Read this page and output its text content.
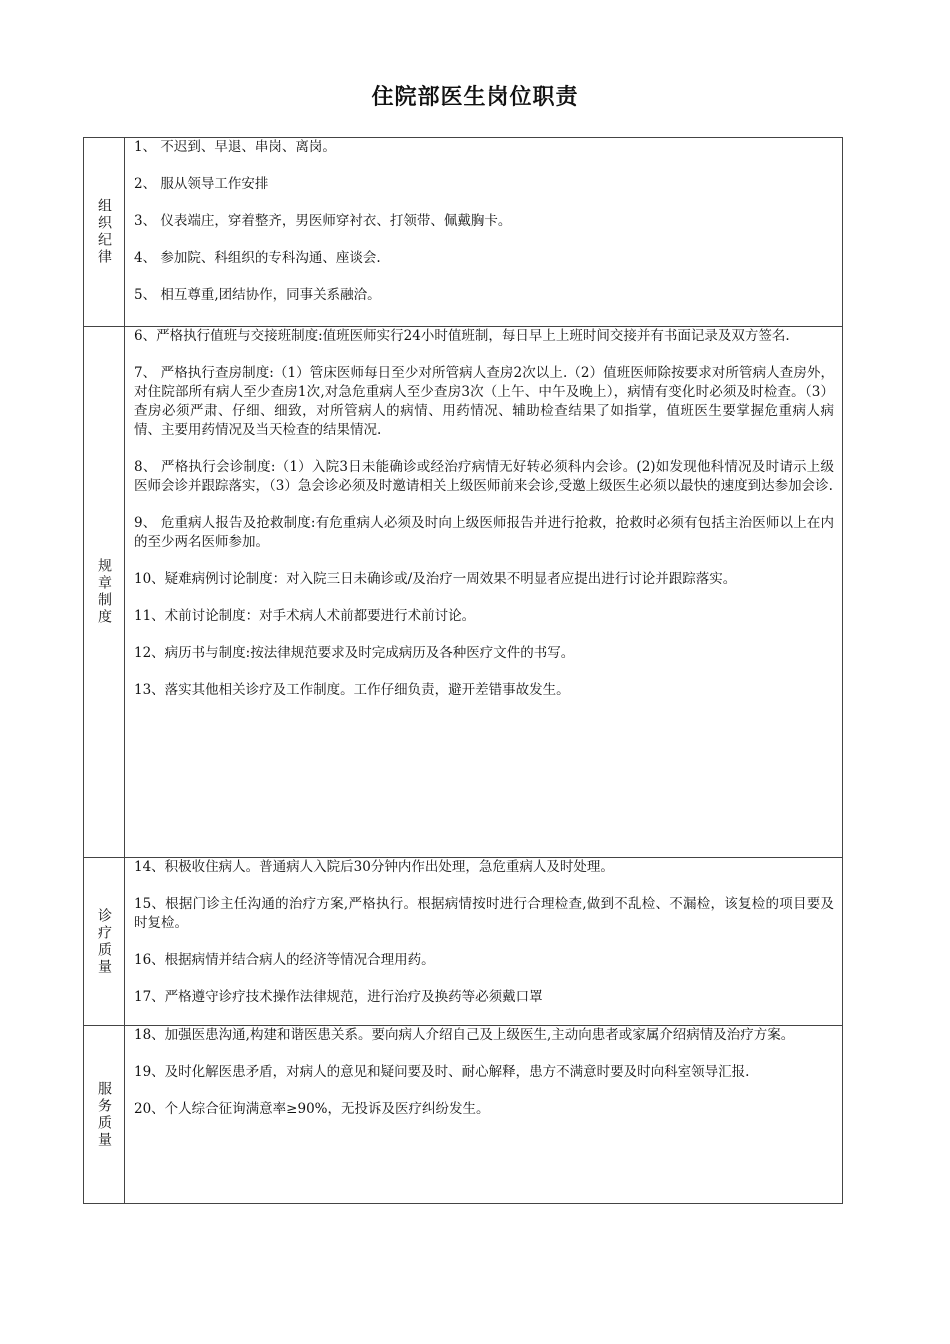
住院部医生岗位职责
组织纪律

1、 不迟到、早退、串岗、离岗。

2、 服从领导工作安排

3、 仪表端庄，穿着整齐，男医师穿衬衣、打领带、佩戴胸卡。

4、 参加院、科组织的专科沟通、座谈会.

5、 相互尊重,团结协作，同事关系融洽。

规章制度

6、严格执行值班与交接班制度:值班医师实行24小时值班制，每日早上上班时间交接并有书面记录及双方签名.

7、 严格执行查房制度:（1）管床医师每日至少对所管病人查房2次以上.（2）值班医师除按要求对所管病人查房外，对住院部所有病人至少查房1次,对急危重病人至少查房3次（上午、中午及晚上），病情有变化时必须及时检查。（3）查房必须严肃、仔细、细致，对所管病人的病情、用药情况、辅助检查结果了如指掌，值班医生要掌握危重病人病情、主要用药情况及当天检查的结果情况.

8、 严格执行会诊制度:（1）入院3日未能确诊或经治疗病情无好转必须科内会诊。(2)如发现他科情况及时请示上级医师会诊并跟踪落实，（3）急会诊必须及时邀请相关上级医师前来会诊,受邀上级医生必须以最快的速度到达参加会诊.

9、 危重病人报告及抢救制度:有危重病人必须及时向上级医师报告并进行抢救，抢救时必须有包括主治医师以上在内的至少两名医师参加。

10、疑难病例讨论制度：对入院三日未确诊或/及治疗一周效果不明显者应提出进行讨论并跟踪落实。

11、术前讨论制度：对手术病人术前都要进行术前讨论。

12、病历书与制度:按法律规范要求及时完成病历及各种医疗文件的书写。

13、落实其他相关诊疗及工作制度。工作仔细负责，避开差错事故发生。

诊疗质量

14、积极收住病人。普通病人入院后30分钟内作出处理，急危重病人及时处理。

15、根据门诊主任沟通的治疗方案,严格执行。根据病情按时进行合理检查,做到不乱检、不漏检，该复检的项目要及时复检。

16、根据病情并结合病人的经济等情况合理用药。

17、严格遵守诊疗技术操作法律规范，进行治疗及换药等必须戴口罩

服务质量

18、加强医患沟通,构建和谐医患关系。要向病人介绍自己及上级医生,主动向患者或家属介绍病情及治疗方案。

19、及时化解医患矛盾，对病人的意见和疑问要及时、耐心解释，患方不满意时要及时向科室领导汇报.

20、个人综合征询满意率≥90%，无投诉及医疗纠纷发生。
